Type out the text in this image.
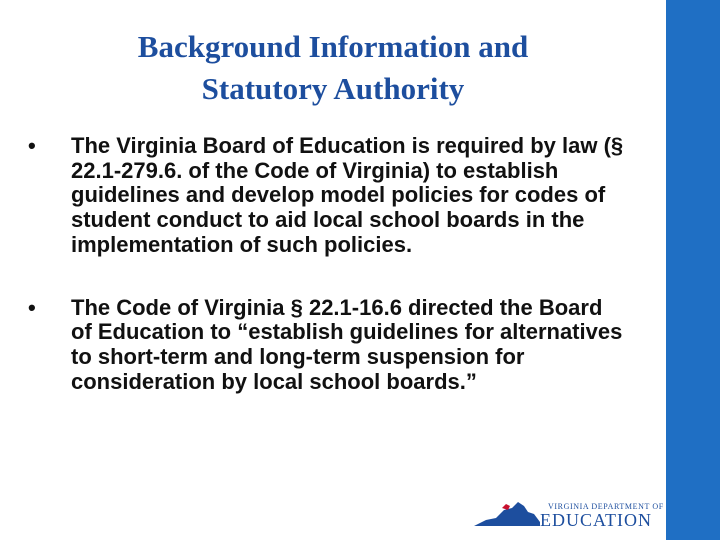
Background Information and
Statutory Authority
•	The Virginia Board of Education is required by law (§ 22.1-279.6. of the Code of Virginia) to establish guidelines and develop model policies for codes of student conduct to aid local school boards in the implementation of such policies.
•	The Code of Virginia § 22.1-16.6 directed the Board of Education to “establish guidelines for alternatives to short-term and long-term suspension for consideration by local school boards.”
VIRGINIA DEPARTMENT OF
EDUCATION
